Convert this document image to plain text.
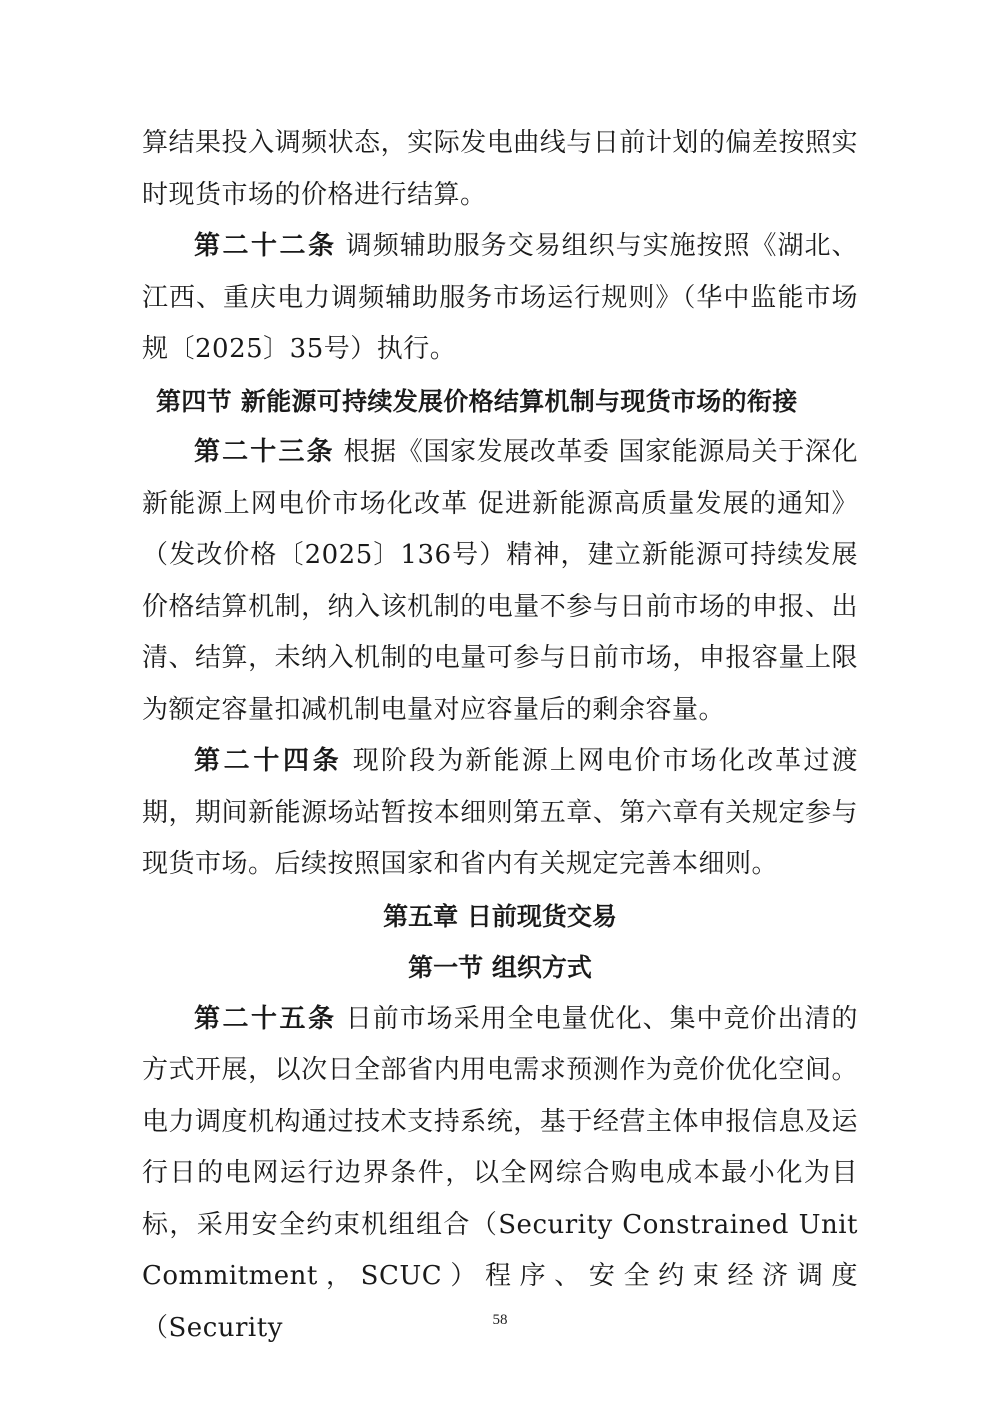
算结果投入调频状态，实际发电曲线与日前计划的偏差按照实时现货市场的价格进行结算。

第二十二条 调频辅助服务交易组织与实施按照《湖北、江西、重庆电力调频辅助服务市场运行规则》（华中监能市场规〔2025〕35号）执行。

第四节 新能源可持续发展价格结算机制与现货市场的衔接

第二十三条 根据《国家发展改革委 国家能源局关于深化新能源上网电价市场化改革 促进新能源高质量发展的通知》（发改价格〔2025〕136号）精神，建立新能源可持续发展价格结算机制，纳入该机制的电量不参与日前市场的申报、出清、结算，未纳入机制的电量可参与日前市场，申报容量上限为额定容量扣减机制电量对应容量后的剩余容量。

第二十四条 现阶段为新能源上网电价市场化改革过渡期，期间新能源场站暂按本细则第五章、第六章有关规定参与现货市场。后续按照国家和省内有关规定完善本细则。

第五章 日前现货交易

第一节 组织方式

第二十五条 日前市场采用全电量优化、集中竞价出清的方式开展，以次日全部省内用电需求预测作为竞价优化空间。电力调度机构通过技术支持系统，基于经营主体申报信息及运行日的电网运行边界条件，以全网综合购电成本最小化为目标，采用安全约束机组组合（Security Constrained Unit Commitment，SCUC）程序、安全约束经济调度（Security	58
